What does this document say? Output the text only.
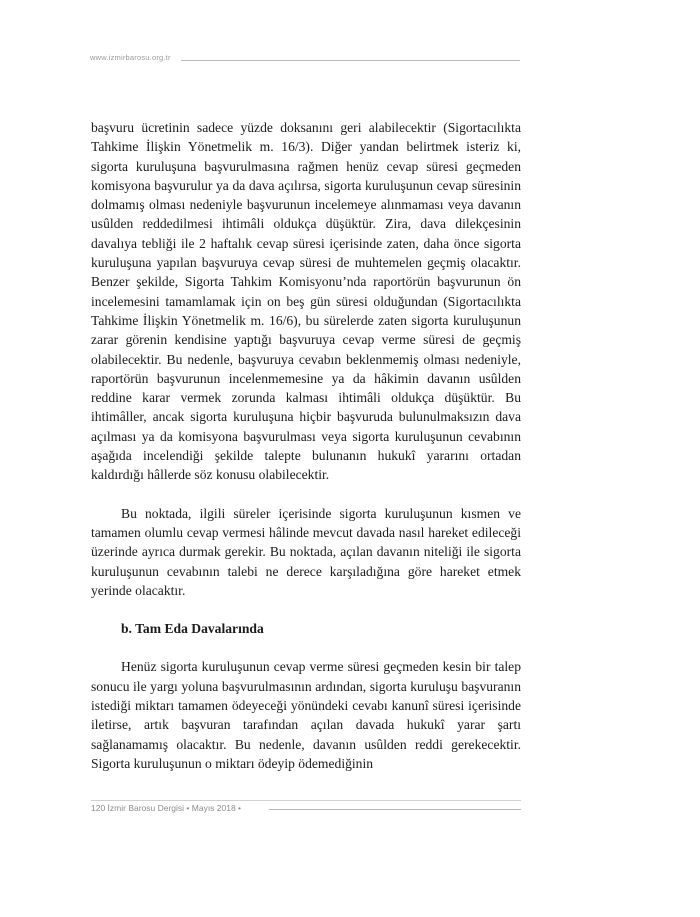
www.izmirbarosu.org.tr

başvuru ücretinin sadece yüzde doksanını geri alabilecektir (Sigortacılıkta Tahkime İlişkin Yönetmelik m. 16/3). Diğer yandan belirtmek isteriz ki, sigorta kuruluşuna başvurulmasına rağmen henüz cevap süresi geçmeden komisyona başvurulur ya da dava açılırsa, sigorta kuruluşunun cevap süresinin dolmamış olması nedeniyle başvurunun incelemeye alınmaması veya davanın usûlden reddedilmesi ihtimâli oldukça düşüktür. Zira, dava dilekçesinin davalıya tebliği ile 2 haftalık cevap süresi içerisinde zaten, daha önce sigorta kuruluşuna yapılan başvuruya cevap süresi de muhtemelen geçmiş olacaktır. Benzer şekilde, Sigorta Tahkim Komisyonu’nda raportörün başvurunun ön incelemesini tamamlamak için on beş gün süresi olduğundan (Sigortacılıkta Tahkime İlişkin Yönetmelik m. 16/6), bu sürelerde zaten sigorta kuruluşunun zarar görenin kendisine yaptığı başvuruya cevap verme süresi de geçmiş olabilecektir. Bu nedenle, başvuruya cevabın beklenmemiş olması nedeniyle, raportörün başvurunun incelenmemesine ya da hâkimin davanın usûlden reddine karar vermek zorunda kalması ihtimâli oldukça düşüktür. Bu ihtimâller, ancak sigorta kuruluşuna hiçbir başvuruda bulunulmaksızın dava açılması ya da komisyona başvurulması veya sigorta kuruluşunun cevabının aşağıda incelendiği şekilde talepte bulunanın hukukî yararını ortadan kaldırdığı hâllerde söz konusu olabilecektir.

Bu noktada, ilgili süreler içerisinde sigorta kuruluşunun kısmen ve tamamen olumlu cevap vermesi hâlinde mevcut davada nasıl hareket edileceği üzerinde ayrıca durmak gerekir. Bu noktada, açılan davanın niteliği ile sigorta kuruluşunun cevabının talebi ne derece karşıladığına göre hareket etmek yerinde olacaktır.

b. Tam Eda Davalarında

Henüz sigorta kuruluşunun cevap verme süresi geçmeden kesin bir talep sonucu ile yargı yoluna başvurulmasının ardından, sigorta kuruluşu başvuranın istediği miktarı tamamen ödeyeceği yönündeki cevabı kanunî süresi içerisinde iletirse, artık başvuran tarafından açılan davada hukukî yarar şartı sağlanamamış olacaktır. Bu nedenle, davanın usûlden reddi gerekecektir. Sigorta kuruluşunun o miktarı ödeyip ödemediğinin

120 İzmir Barosu Dergisi • Mayıs 2018 •
